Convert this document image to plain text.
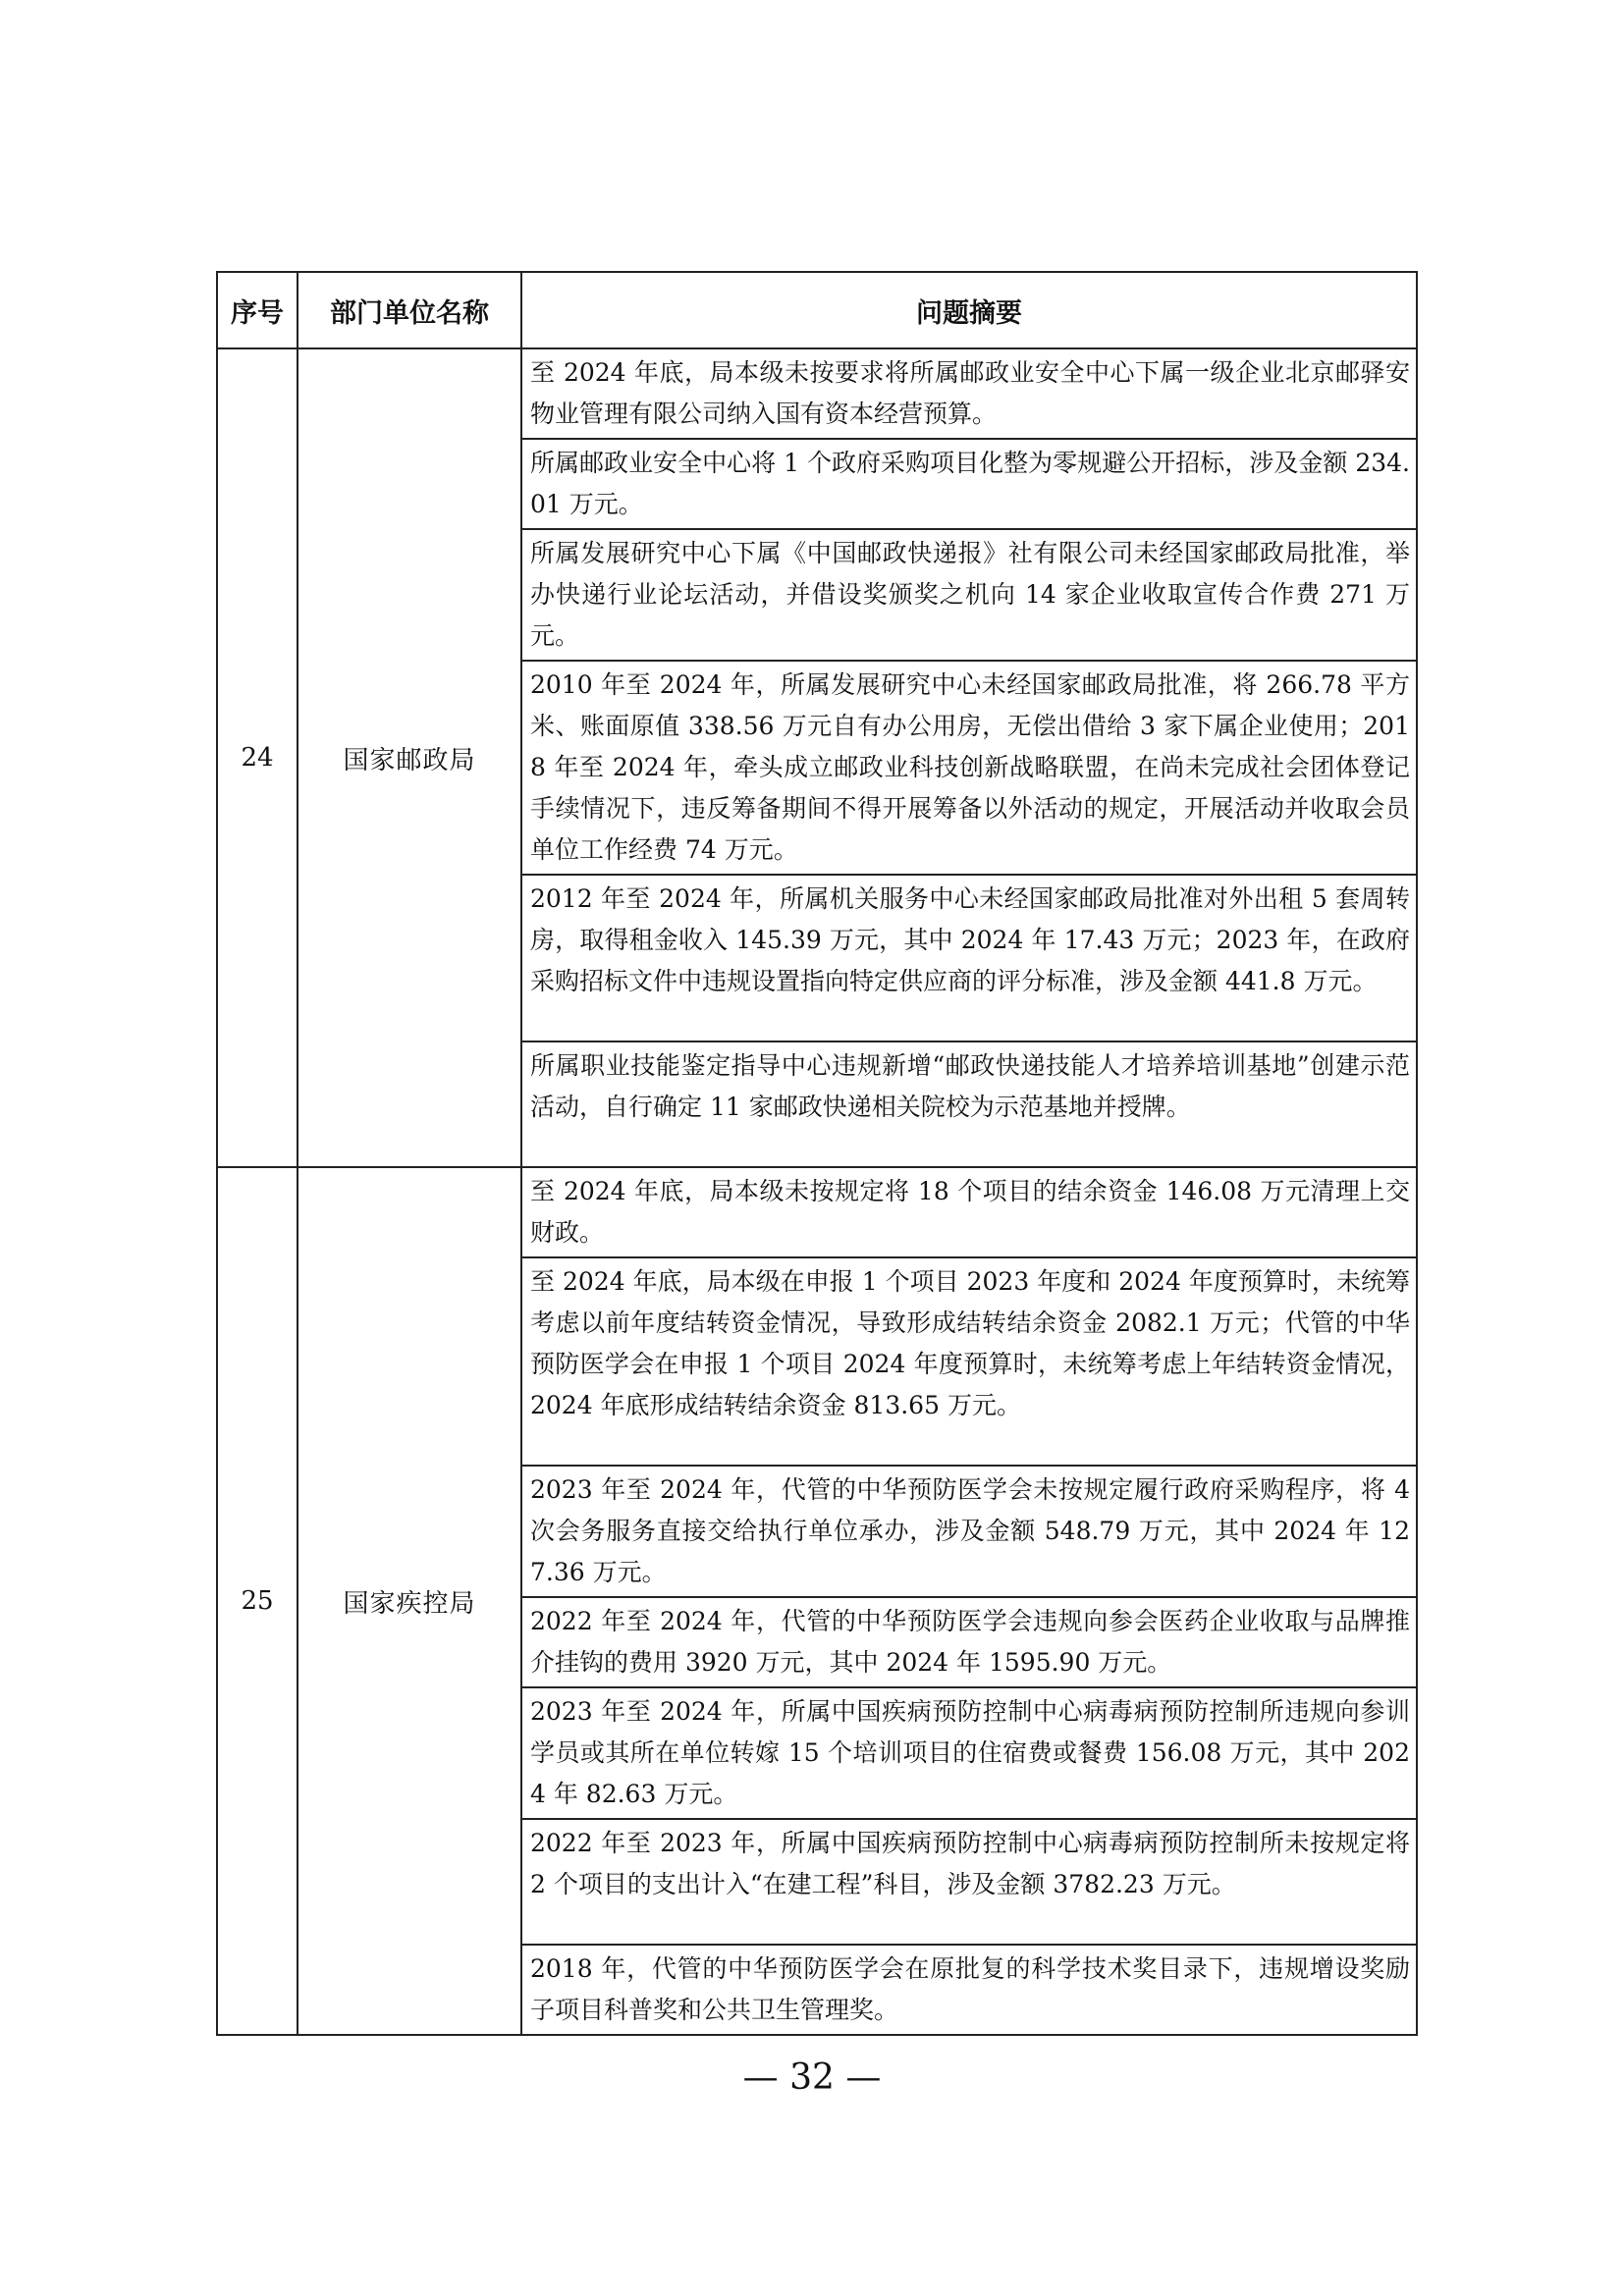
序号	部门单位名称	问题摘要
24	国家邮政局	至 2024 年底，局本级未按要求将所属邮政业安全中心下属一级企业北京邮驿安物业管理有限公司纳入国有资本经营预算。
		所属邮政业安全中心将 1 个政府采购项目化整为零规避公开招标，涉及金额 234.01 万元。
		所属发展研究中心下属《中国邮政快递报》社有限公司未经国家邮政局批准，举办快递行业论坛活动，并借设奖颁奖之机向 14 家企业收取宣传合作费 271 万元。
		2010 年至 2024 年，所属发展研究中心未经国家邮政局批准，将 266.78 平方米、账面原值 338.56 万元自有办公用房，无偿出借给 3 家下属企业使用；2018 年至 2024 年，牵头成立邮政业科技创新战略联盟，在尚未完成社会团体登记手续情况下，违反筹备期间不得开展筹备以外活动的规定，开展活动并收取会员单位工作经费 74 万元。
		2012 年至 2024 年，所属机关服务中心未经国家邮政局批准对外出租 5 套周转房，取得租金收入 145.39 万元，其中 2024 年 17.43 万元；2023 年，在政府采购招标文件中违规设置指向特定供应商的评分标准，涉及金额 441.8 万元。
		所属职业技能鉴定指导中心违规新增“邮政快递技能人才培养培训基地”创建示范活动，自行确定 11 家邮政快递相关院校为示范基地并授牌。
25	国家疾控局	至 2024 年底，局本级未按规定将 18 个项目的结余资金 146.08 万元清理上交财政。
		至 2024 年底，局本级在申报 1 个项目 2023 年度和 2024 年度预算时，未统筹考虑以前年度结转资金情况，导致形成结转结余资金 2082.1 万元；代管的中华预防医学会在申报 1 个项目 2024 年度预算时，未统筹考虑上年结转资金情况，2024 年底形成结转结余资金 813.65 万元。
		2023 年至 2024 年，代管的中华预防医学会未按规定履行政府采购程序，将 4 次会务服务直接交给执行单位承办，涉及金额 548.79 万元，其中 2024 年 127.36 万元。
		2022 年至 2024 年，代管的中华预防医学会违规向参会医药企业收取与品牌推介挂钩的费用 3920 万元，其中 2024 年 1595.90 万元。
		2023 年至 2024 年，所属中国疾病预防控制中心病毒病预防控制所违规向参训学员或其所在单位转嫁 15 个培训项目的住宿费或餐费 156.08 万元，其中 2024 年 82.63 万元。
		2022 年至 2023 年，所属中国疾病预防控制中心病毒病预防控制所未按规定将 2 个项目的支出计入“在建工程”科目，涉及金额 3782.23 万元。
		2018 年，代管的中华预防医学会在原批复的科学技术奖目录下，违规增设奖励子项目科普奖和公共卫生管理奖。
— 32 —
